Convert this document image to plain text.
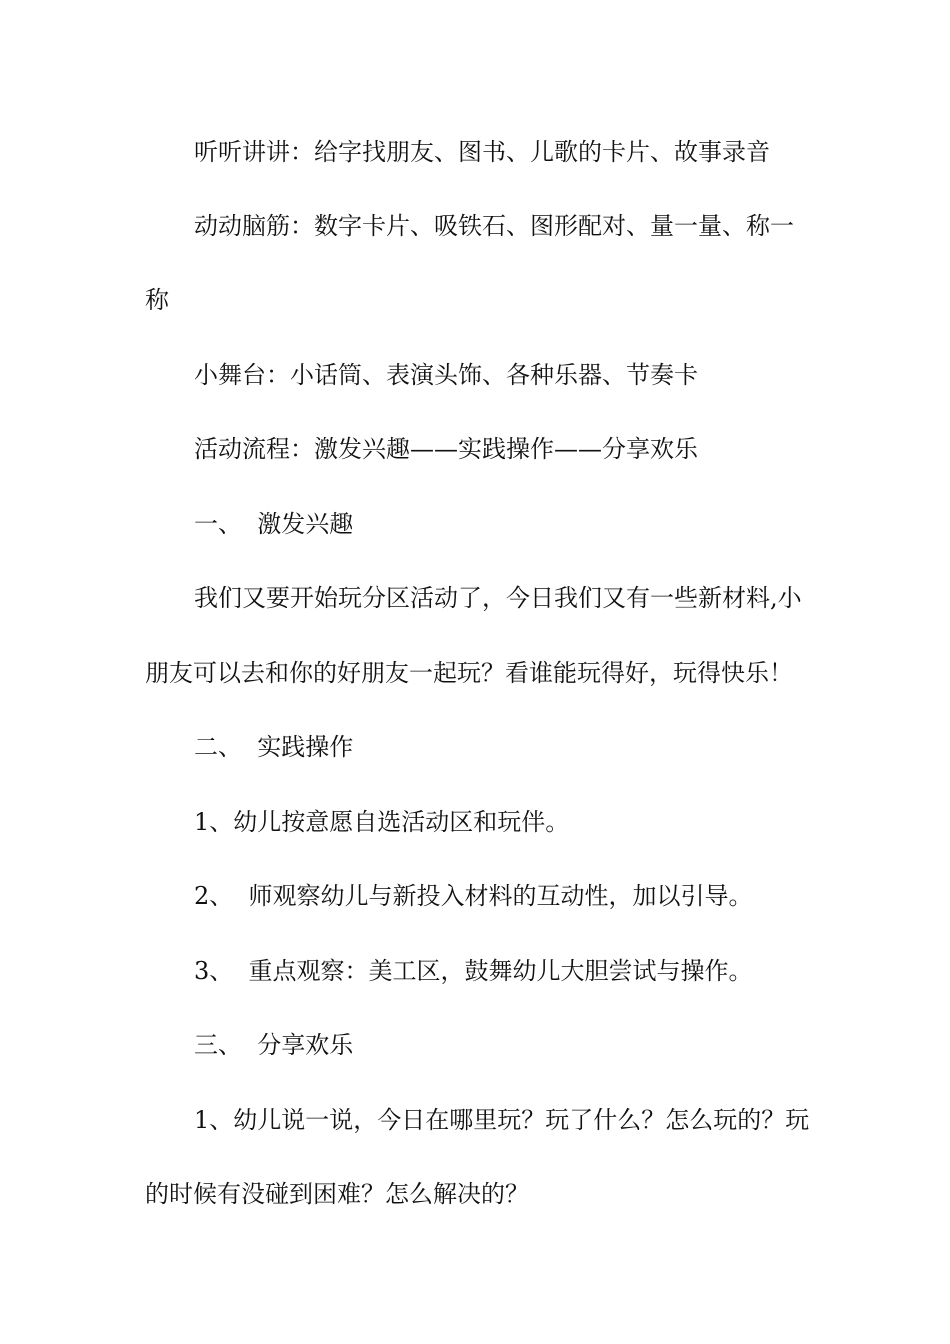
听听讲讲：给字找朋友、图书、儿歌的卡片、故事录音
动动脑筋：数字卡片、吸铁石、图形配对、量一量、称一
称
小舞台：小话筒、表演头饰、各种乐器、节奏卡
活动流程：激发兴趣——实践操作——分享欢乐
一、  激发兴趣
我们又要开始玩分区活动了，今日我们又有一些新材料,小
朋友可以去和你的好朋友一起玩？看谁能玩得好，玩得快乐！
二、  实践操作
1、幼儿按意愿自选活动区和玩伴。
2、  师观察幼儿与新投入材料的互动性，加以引导。
3、  重点观察：美工区，鼓舞幼儿大胆尝试与操作。
三、  分享欢乐
1、幼儿说一说，今日在哪里玩？玩了什么？怎么玩的？玩
的时候有没碰到困难？怎么解决的？
